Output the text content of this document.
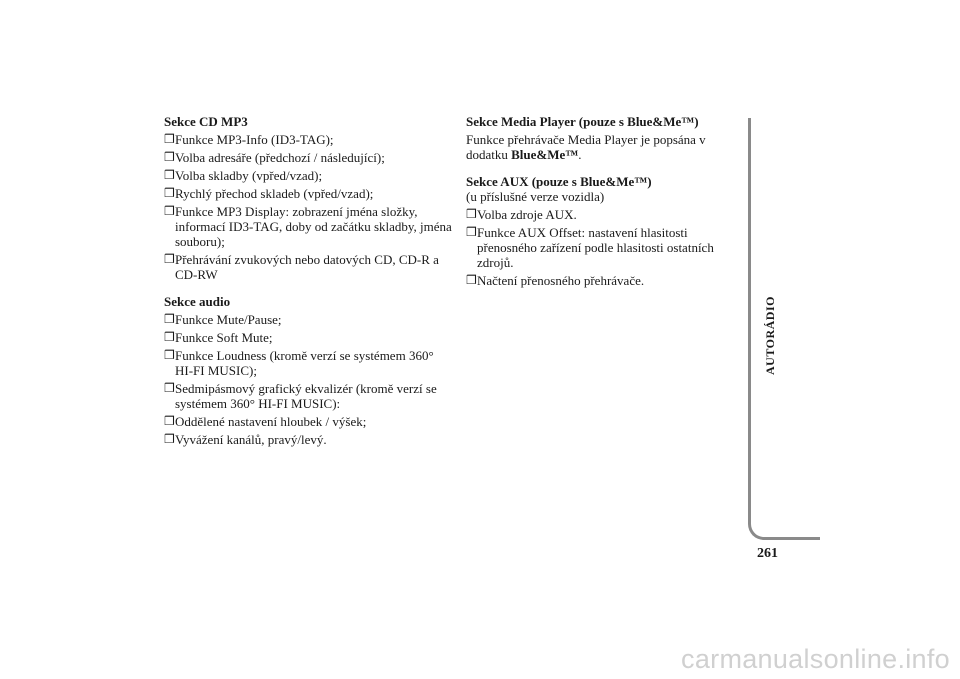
Sekce CD MP3
❒ Funkce MP3-Info (ID3-TAG);
❒ Volba adresáře (předchozí / následující);
❒ Volba skladby (vpřed/vzad);
❒ Rychlý přechod skladeb (vpřed/vzad);
❒ Funkce MP3 Display: zobrazení jména složky, informací ID3-TAG, doby od začátku skladby, jména souboru);
❒ Přehrávání zvukových nebo datových CD, CD-R a CD-RW
Sekce audio
❒ Funkce Mute/Pause;
❒ Funkce Soft Mute;
❒ Funkce Loudness (kromě verzí se systémem 360° HI-FI MUSIC);
❒ Sedmipásmový grafický ekvalizér (kromě verzí se systémem 360° HI-FI MUSIC):
❒ Oddělené nastavení hloubek / výšek;
❒ Vyvážení kanálů, pravý/levý.
Sekce Media Player (pouze s Blue&Me™)

Funkce přehrávače Media Player je popsána v dodatku Blue&Me™.

Sekce AUX (pouze s Blue&Me™)

(u příslušné verze vozidla)

❒ Volba zdroje AUX.
❒ Funkce AUX Offset: nastavení hlasitosti přenosného zařízení podle hlasitosti ostatních zdrojů.
❒ Načtení přenosného přehrávače.
AUTORÁDIO
261
carmanualsonline.info
